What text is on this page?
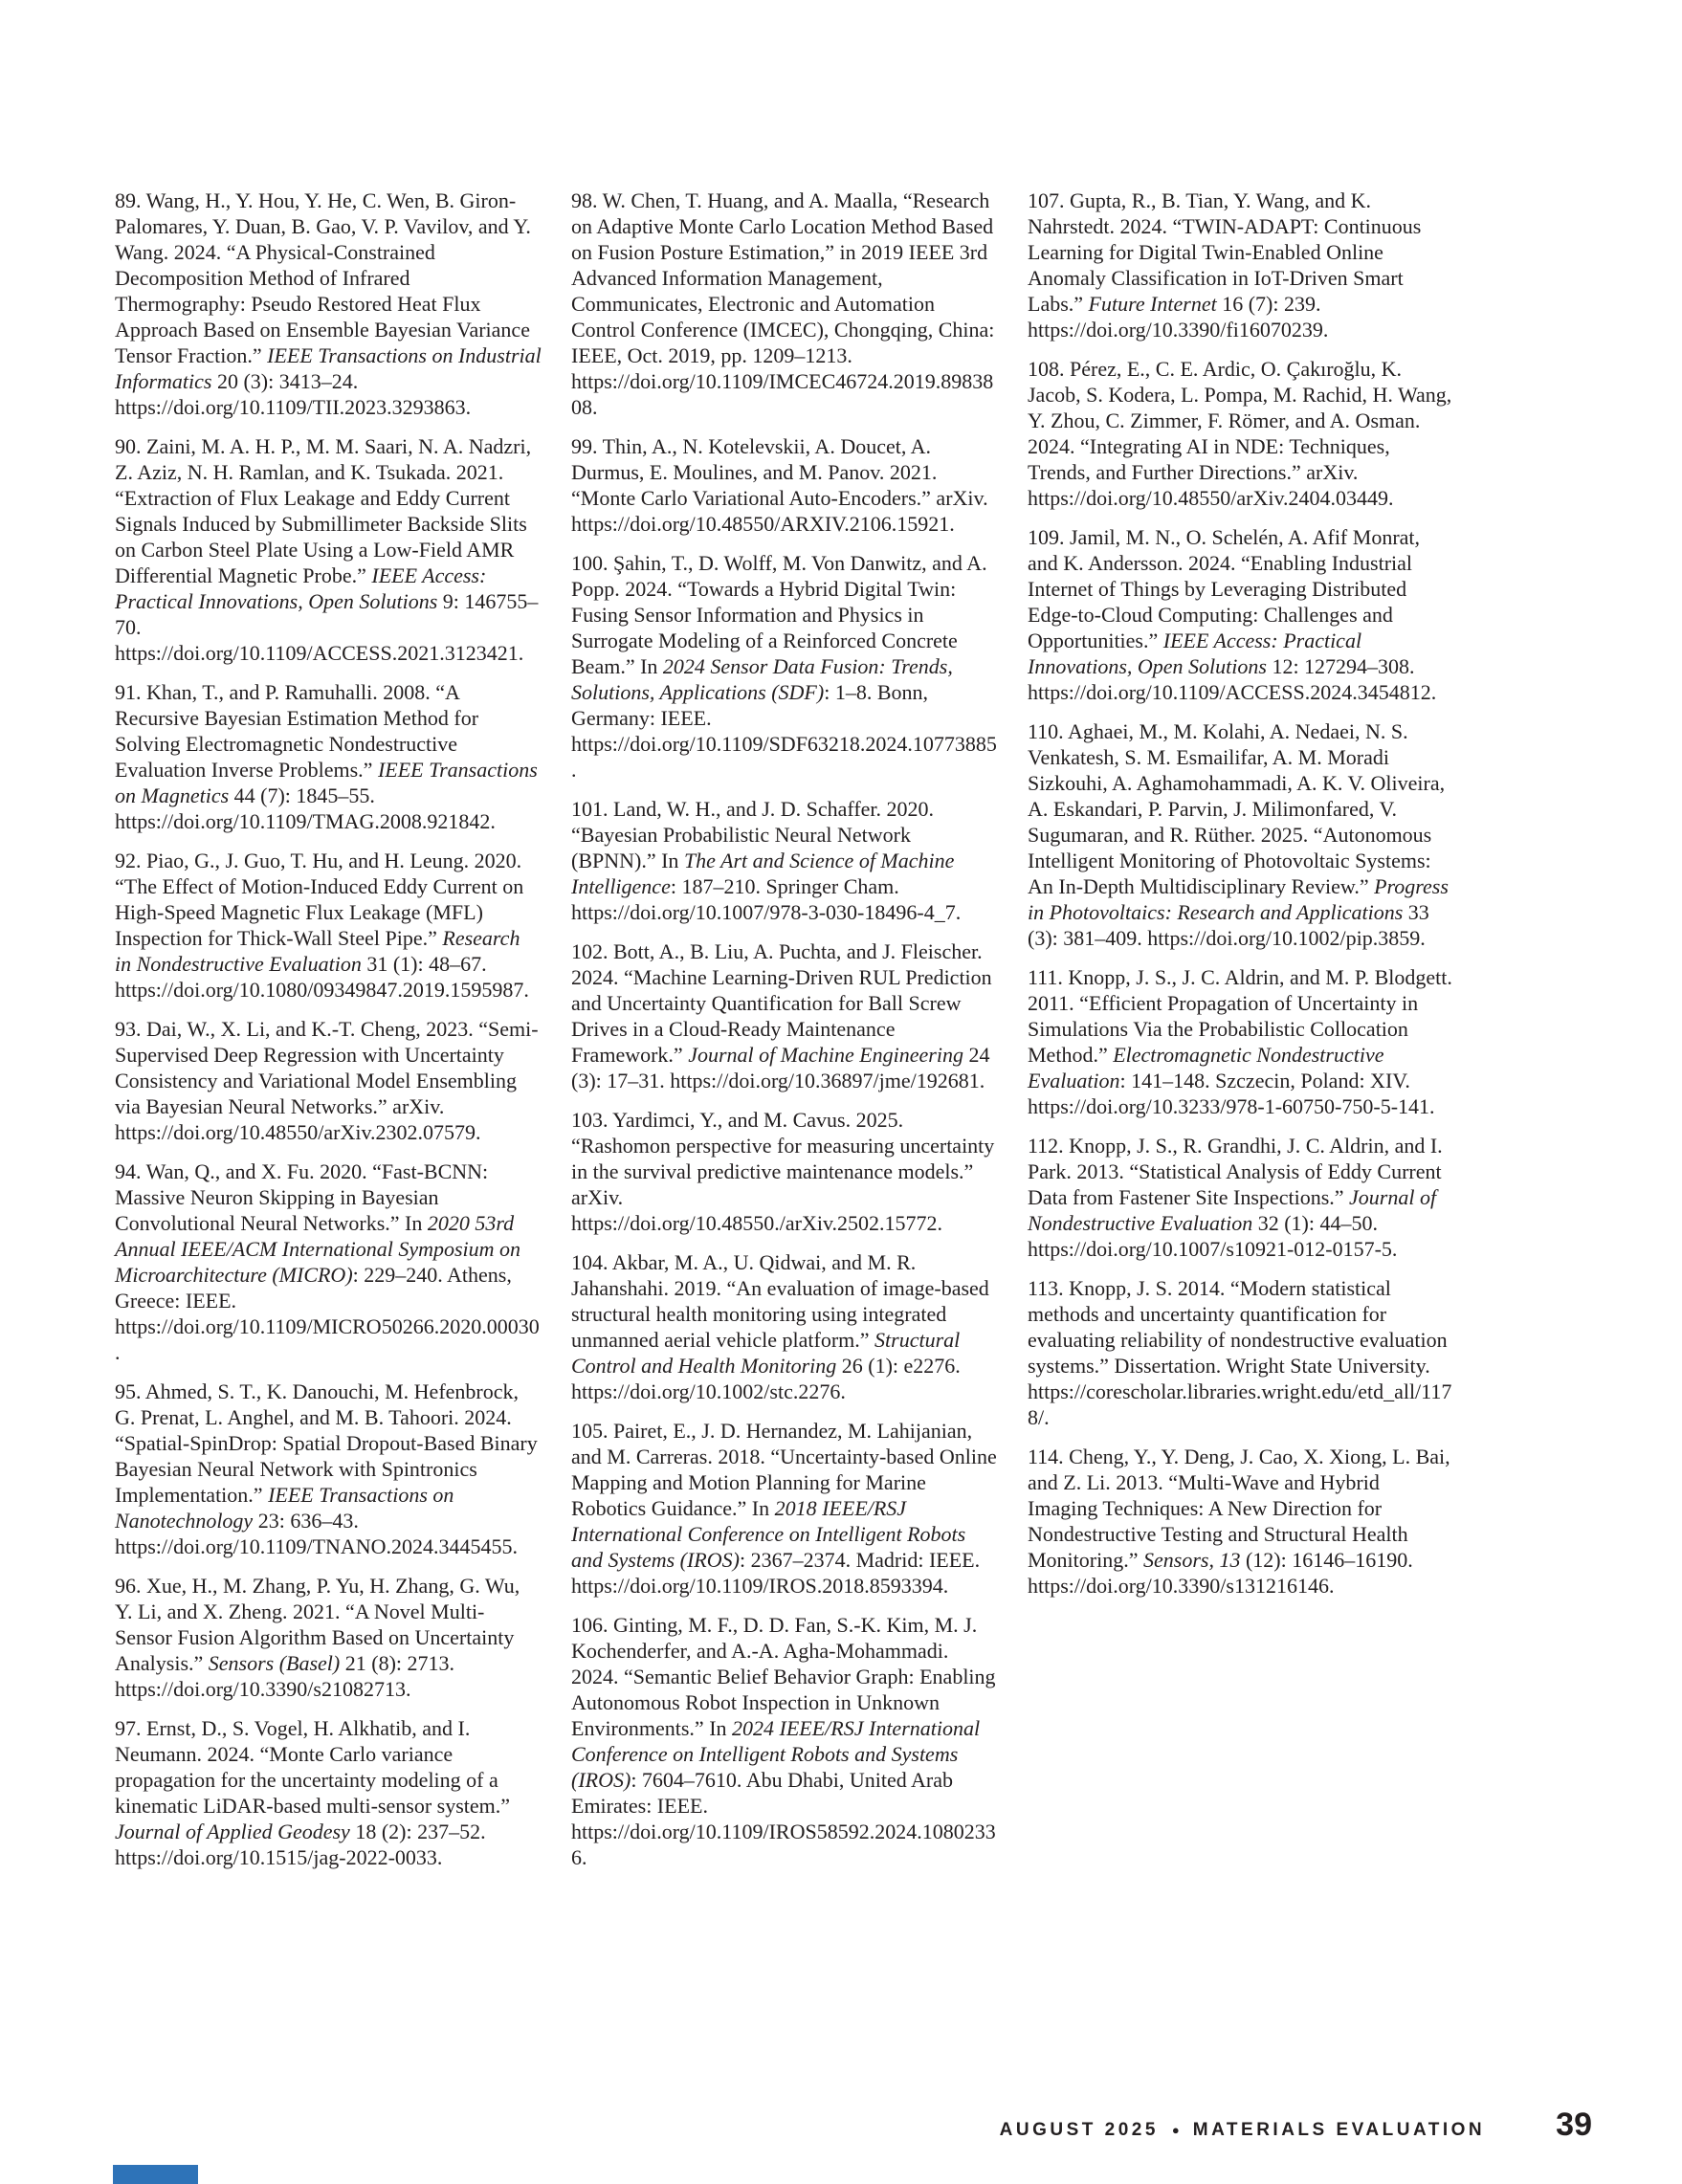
89. Wang, H., Y. Hou, Y. He, C. Wen, B. Giron-Palomares, Y. Duan, B. Gao, V. P. Vavilov, and Y. Wang. 2024. “A Physical-Constrained Decomposition Method of Infrared Thermography: Pseudo Restored Heat Flux Approach Based on Ensemble Bayesian Variance Tensor Fraction.” IEEE Transactions on Industrial Informatics 20 (3): 3413–24. https://doi.org/10.1109/TII.2023.3293863.

90. Zaini, M. A. H. P., M. M. Saari, N. A. Nadzri, Z. Aziz, N. H. Ramlan, and K. Tsukada. 2021. “Extraction of Flux Leakage and Eddy Current Signals Induced by Submillimeter Backside Slits on Carbon Steel Plate Using a Low-Field AMR Differential Magnetic Probe.” IEEE Access: Practical Innovations, Open Solutions 9: 146755–70. https://doi.org/10.1109/ACCESS.2021.3123421.

91. Khan, T., and P. Ramuhalli. 2008. “A Recursive Bayesian Estimation Method for Solving Electromagnetic Nondestructive Evaluation Inverse Problems.” IEEE Transactions on Magnetics 44 (7): 1845–55. https://doi.org/10.1109/TMAG.2008.921842.

92. Piao, G., J. Guo, T. Hu, and H. Leung. 2020. “The Effect of Motion-Induced Eddy Current on High-Speed Magnetic Flux Leakage (MFL) Inspection for Thick-Wall Steel Pipe.” Research in Nondestructive Evaluation 31 (1): 48–67. https://doi.org/10.1080/09349847.2019.1595987.

93. Dai, W., X. Li, and K.-T. Cheng, 2023. “Semi-Supervised Deep Regression with Uncertainty Consistency and Variational Model Ensembling via Bayesian Neural Networks.” arXiv. https://doi.org/10.48550/arXiv.2302.07579.

94. Wan, Q., and X. Fu. 2020. “Fast-BCNN: Massive Neuron Skipping in Bayesian Convolutional Neural Networks.” In 2020 53rd Annual IEEE/ACM International Symposium on Microarchitecture (MICRO): 229–240. Athens, Greece: IEEE. https://doi.org/10.1109/MICRO50266.2020.00030.

95. Ahmed, S. T., K. Danouchi, M. Hefenbrock, G. Prenat, L. Anghel, and M. B. Tahoori. 2024. “Spatial-SpinDrop: Spatial Dropout-Based Binary Bayesian Neural Network with Spintronics Implementation.” IEEE Transactions on Nanotechnology 23: 636–43. https://doi.org/10.1109/TNANO.2024.3445455.

96. Xue, H., M. Zhang, P. Yu, H. Zhang, G. Wu, Y. Li, and X. Zheng. 2021. “A Novel Multi-Sensor Fusion Algorithm Based on Uncertainty Analysis.” Sensors (Basel) 21 (8): 2713. https://doi.org/10.3390/s21082713.

97. Ernst, D., S. Vogel, H. Alkhatib, and I. Neumann. 2024. “Monte Carlo variance propagation for the uncertainty modeling of a kinematic LiDAR-based multi-sensor system.” Journal of Applied Geodesy 18 (2): 237–52. https://doi.org/10.1515/jag-2022-0033.

98. W. Chen, T. Huang, and A. Maalla, “Research on Adaptive Monte Carlo Location Method Based on Fusion Posture Estimation,” in 2019 IEEE 3rd Advanced Information Management, Communicates, Electronic and Automation Control Conference (IMCEC), Chongqing, China: IEEE, Oct. 2019, pp. 1209–1213. https://doi.org/10.1109/IMCEC46724.2019.8983808.

99. Thin, A., N. Kotelevskii, A. Doucet, A. Durmus, E. Moulines, and M. Panov. 2021. “Monte Carlo Variational Auto-Encoders.” arXiv. https://doi.org/10.48550/ARXIV.2106.15921.

100. Şahin, T., D. Wolff, M. Von Danwitz, and A. Popp. 2024. “Towards a Hybrid Digital Twin: Fusing Sensor Information and Physics in Surrogate Modeling of a Reinforced Concrete Beam.” In 2024 Sensor Data Fusion: Trends, Solutions, Applications (SDF): 1–8. Bonn, Germany: IEEE. https://doi.org/10.1109/SDF63218.2024.10773885.

101. Land, W. H., and J. D. Schaffer. 2020. “Bayesian Probabilistic Neural Network (BPNN).” In The Art and Science of Machine Intelligence: 187–210. Springer Cham. https://doi.org/10.1007/978-3-030-18496-4_7.

102. Bott, A., B. Liu, A. Puchta, and J. Fleischer. 2024. “Machine Learning-Driven RUL Prediction and Uncertainty Quantification for Ball Screw Drives in a Cloud-Ready Maintenance Framework.” Journal of Machine Engineering 24 (3): 17–31. https://doi.org/10.36897/jme/192681.

103. Yardimci, Y., and M. Cavus. 2025. “Rashomon perspective for measuring uncertainty in the survival predictive maintenance models.” arXiv. https://doi.org/10.48550./arXiv.2502.15772.

104. Akbar, M. A., U. Qidwai, and M. R. Jahanshahi. 2019. “An evaluation of image-based structural health monitoring using integrated unmanned aerial vehicle platform.” Structural Control and Health Monitoring 26 (1): e2276. https://doi.org/10.1002/stc.2276.

105. Pairet, E., J. D. Hernandez, M. Lahijanian, and M. Carreras. 2018. “Uncertainty-based Online Mapping and Motion Planning for Marine Robotics Guidance.” In 2018 IEEE/RSJ International Conference on Intelligent Robots and Systems (IROS): 2367–2374. Madrid: IEEE. https://doi.org/10.1109/IROS.2018.8593394.

106. Ginting, M. F., D. D. Fan, S.-K. Kim, M. J. Kochenderfer, and A.-A. Agha-Mohammadi. 2024. “Semantic Belief Behavior Graph: Enabling Autonomous Robot Inspection in Unknown Environments.” In 2024 IEEE/RSJ International Conference on Intelligent Robots and Systems (IROS): 7604–7610. Abu Dhabi, United Arab Emirates: IEEE. https://doi.org/10.1109/IROS58592.2024.10802336.

107. Gupta, R., B. Tian, Y. Wang, and K. Nahrstedt. 2024. “TWIN-ADAPT: Continuous Learning for Digital Twin-Enabled Online Anomaly Classification in IoT-Driven Smart Labs.” Future Internet 16 (7): 239. https://doi.org/10.3390/fi16070239.

108. Pérez, E., C. E. Ardic, O. Çakıroğlu, K. Jacob, S. Kodera, L. Pompa, M. Rachid, H. Wang, Y. Zhou, C. Zimmer, F. Römer, and A. Osman. 2024. “Integrating AI in NDE: Techniques, Trends, and Further Directions.” arXiv. https://doi.org/10.48550/arXiv.2404.03449.

109. Jamil, M. N., O. Schelén, A. Afif Monrat, and K. Andersson. 2024. “Enabling Industrial Internet of Things by Leveraging Distributed Edge-to-Cloud Computing: Challenges and Opportunities.” IEEE Access: Practical Innovations, Open Solutions 12: 127294–308. https://doi.org/10.1109/ACCESS.2024.3454812.

110. Aghaei, M., M. Kolahi, A. Nedaei, N. S. Venkatesh, S. M. Esmailifar, A. M. Moradi Sizkouhi, A. Aghamohammadi, A. K. V. Oliveira, A. Eskandari, P. Parvin, J. Milimonfared, V. Sugumaran, and R. Rüther. 2025. “Autonomous Intelligent Monitoring of Photovoltaic Systems: An In-Depth Multidisciplinary Review.” Progress in Photovoltaics: Research and Applications 33 (3): 381–409. https://doi.org/10.1002/pip.3859.

111. Knopp, J. S., J. C. Aldrin, and M. P. Blodgett. 2011. “Efficient Propagation of Uncertainty in Simulations Via the Probabilistic Collocation Method.” Electromagnetic Nondestructive Evaluation: 141–148. Szczecin, Poland: XIV. https://doi.org/10.3233/978-1-60750-750-5-141.

112. Knopp, J. S., R. Grandhi, J. C. Aldrin, and I. Park. 2013. “Statistical Analysis of Eddy Current Data from Fastener Site Inspections.” Journal of Nondestructive Evaluation 32 (1): 44–50. https://doi.org/10.1007/s10921-012-0157-5.

113. Knopp, J. S. 2014. “Modern statistical methods and uncertainty quantification for evaluating reliability of nondestructive evaluation systems.” Dissertation. Wright State University. https://corescholar.libraries.wright.edu/etd_all/1178/.

114. Cheng, Y., Y. Deng, J. Cao, X. Xiong, L. Bai, and Z. Li. 2013. “Multi-Wave and Hybrid Imaging Techniques: A New Direction for Nondestructive Testing and Structural Health Monitoring.” Sensors, 13 (12): 16146–16190. https://doi.org/10.3390/s131216146.

AUGUST 2025 ● MATERIALS EVALUATION 39
